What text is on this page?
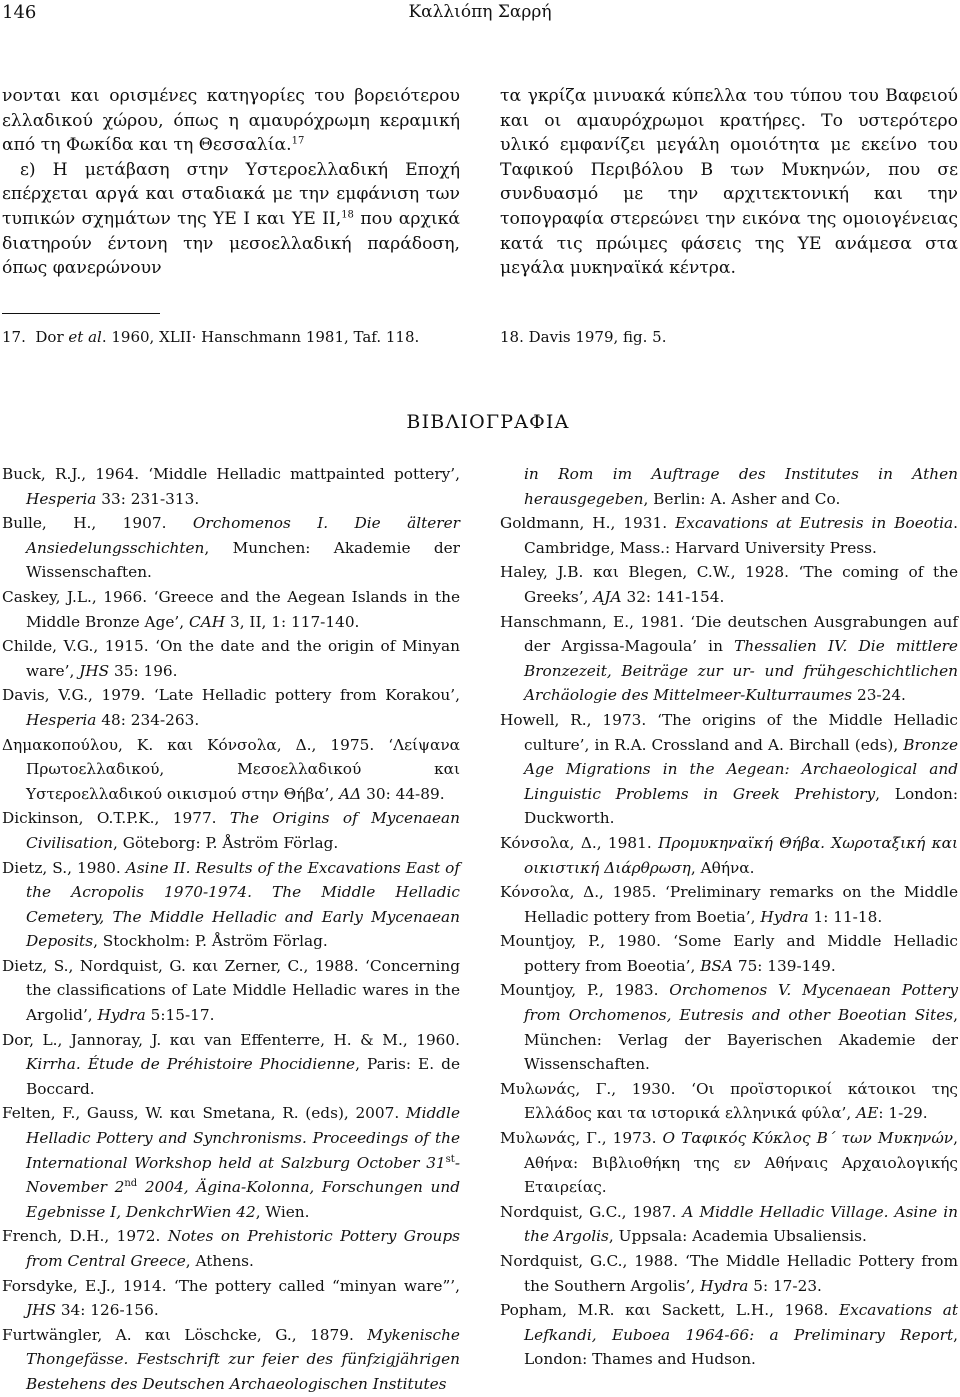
146	Καλλιόπη Σαρρή

νονται και ορισμένες κατηγορίες του βορειότερου ελλαδικού χώρου, όπως η αμαυρόχρωμη κεραμική από τη Φωκίδα και τη Θεσσαλία.$^{17}$

ε) Η μετάβαση στην Υστεροελλαδική Εποχή επέρχεται αργά και σταδιακά με την εμφάνιση των τυπικών σχημάτων της ΥΕ Ι και ΥΕ ΙΙ,$^{18}$ που αρχικά διατηρούν έντονη την μεσοελλαδική παράδοση, όπως φανερώνουν

τα γκρίζα μινυακά κύπελλα του τύπου του Βαφειού και οι αμαυρόχρωμοι κρατήρες. Το υστερότερο υλικό εμφανίζει μεγάλη ομοιότητα με εκείνο του Ταφικού Περιβόλου Β των Μυκηνών, που σε συνδυασμό με την αρχιτεκτονική και την τοπογραφία στερεώνει την εικόνα της ομοιογένειας κατά τις πρώιμες φάσεις της ΥΕ ανάμεσα στα μεγάλα μυκηναϊκά κέντρα.

17. Dor et al. 1960, XLII· Hanschmann 1981, Taf. 118.	18. Davis 1979, fig. 5.
ΒΙΒΛΙΟΓΡΑΦΙΑ

Buck, R.J., 1964. ‘Middle Helladic mattpainted pottery’, Hesperia 33: 231-313.

Bulle, H., 1907. Orchomenos I. Die älterer Ansiedelungsschichten, Munchen: Akademie der Wissenschaften.

Caskey, J.L., 1966. ‘Greece and the Aegean Islands in the Middle Bronze Age’, CAH 3, II, 1: 117-140.

Childe, V.G., 1915. ‘On the date and the origin of Minyan ware’, JHS 35: 196.

Davis, V.G., 1979. ‘Late Helladic pottery from Korakou’, Hesperia 48: 234-263.

Δημακοπούλου, Κ. και Κόνσολα, Δ., 1975. ‘Λείψανα Πρωτοελλαδικού, Μεσοελλαδικού και Υστεροελλαδικού οικισμού στην Θήβα’, ΑΔ 30: 44-89.

Dickinson, O.T.P.K., 1977. The Origins of Mycenaean Civilisation, Göteborg: P. Åström Förlag.

Dietz, S., 1980. Asine II. Results of the Excavations East of the Acropolis 1970-1974. The Middle Helladic Cemetery, The Middle Helladic and Early Mycenaean Deposits, Stockholm: P. Åström Förlag.

Dietz, S., Nordquist, G. και Zerner, C., 1988. ‘Concerning the classifications of Late Middle Helladic wares in the Argolid’, Hydra 5:15-17.

Dor, L., Jannoray, J. και van Effenterre, H. & M., 1960. Kirrha. Étude de Préhistoire Phocidienne, Paris: E. de Boccard.

Felten, F., Gauss, W. και Smetana, R. (eds), 2007. Middle Helladic Pottery and Synchronisms. Proceedings of the International Workshop held at Salzburg October 31st- November 2nd 2004, Ägina-Kolonna, Forschungen und Egebnisse I, DenkchrWien 42, Wien.

French, D.H., 1972. Notes on Prehistoric Pottery Groups from Central Greece, Athens.

Forsdyke, E.J., 1914. ‘The pottery called “minyan ware”’, JHS 34: 126-156.

Furtwängler, A. και Löschcke, G., 1879. Mykenische Thongefässe. Festschrift zur feier des fünfzigjährigen Bestehens des Deutschen Archaeologischen Institutes

in Rom im Auftrage des Institutes in Athen herausgegeben, Berlin: A. Asher and Co.

Goldmann, H., 1931. Excavations at Eutresis in Boeotia. Cambridge, Mass.: Harvard University Press.

Haley, J.B. και Blegen, C.W., 1928. ‘The coming of the Greeks’, AJA 32: 141-154.

Hanschmann, E., 1981. ‘Die deutschen Ausgrabungen auf der Argissa-Magoula’ in Thessalien IV. Die mittlere Bronzezeit, Beiträge zur ur- und frühgeschichtlichen Archäologie des Mittelmeer-Kulturraumes 23-24.

Howell, R., 1973. ‘The origins of the Middle Helladic culture’, in R.A. Crossland and A. Birchall (eds), Bronze Age Migrations in the Aegean: Archaeological and Linguistic Problems in Greek Prehistory, London: Duckworth.

Κόνσολα, Δ., 1981. Προμυκηναϊκή Θήβα. Χωροταξική και οικιστική Διάρθρωση, Αθήνα.

Κόνσολα, Δ., 1985. ‘Preliminary remarks on the Middle Helladic pottery from Boetia’, Hydra 1: 11-18.

Mountjoy, P., 1980. ‘Some Early and Middle Helladic pottery from Boeotia’, BSA 75: 139-149.

Mountjoy, P., 1983. Orchomenos V. Mycenaean Pottery from Orchomenos, Eutresis and other Boeotian Sites, München: Verlag der Bayerischen Akademie der Wissenschaften.

Μυλωνάς, Γ., 1930. ‘Οι προϊστορικοί κάτοικοι της Ελλάδος και τα ιστορικά ελληνικά φύλα’, ΑΕ: 1-29.

Μυλωνάς, Γ., 1973. Ο Ταφικός Κύκλος Β΄ των Μυκηνών, Αθήνα: Βιβλιοθήκη της εν Αθήναις Αρχαιολογικής Εταιρείας.

Nordquist, G.C., 1987. A Middle Helladic Village. Asine in the Argolis, Uppsala: Academia Ubsaliensis.

Nordquist, G.C., 1988. ‘The Middle Helladic Pottery from the Southern Argolis’, Hydra 5: 17-23.

Popham, M.R. και Sackett, L.H., 1968. Excavations at Lefkandi, Euboea 1964-66: a Preliminary Report, London: Thames and Hudson.
